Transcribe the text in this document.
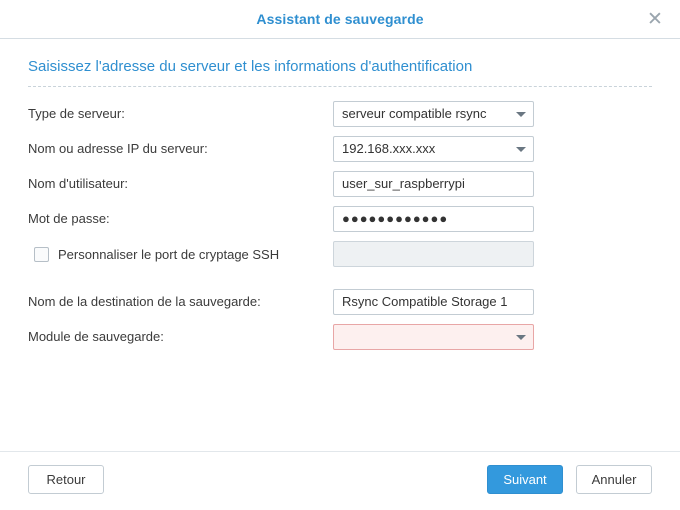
Assistant de sauvegarde	✕
Saisissez l'adresse du serveur et les informations d'authentification
Type de serveur:	serveur compatible rsync
Nom ou adresse IP du serveur:	192.168.xxx.xxx
Nom d'utilisateur:	user_sur_raspberrypi
Mot de passe:	●●●●●●●●●●●●
Personnaliser le port de cryptage SSH
Nom de la destination de la sauvegarde:	Rsync Compatible Storage 1
Module de sauvegarde:
Retour	Suivant	Annuler
